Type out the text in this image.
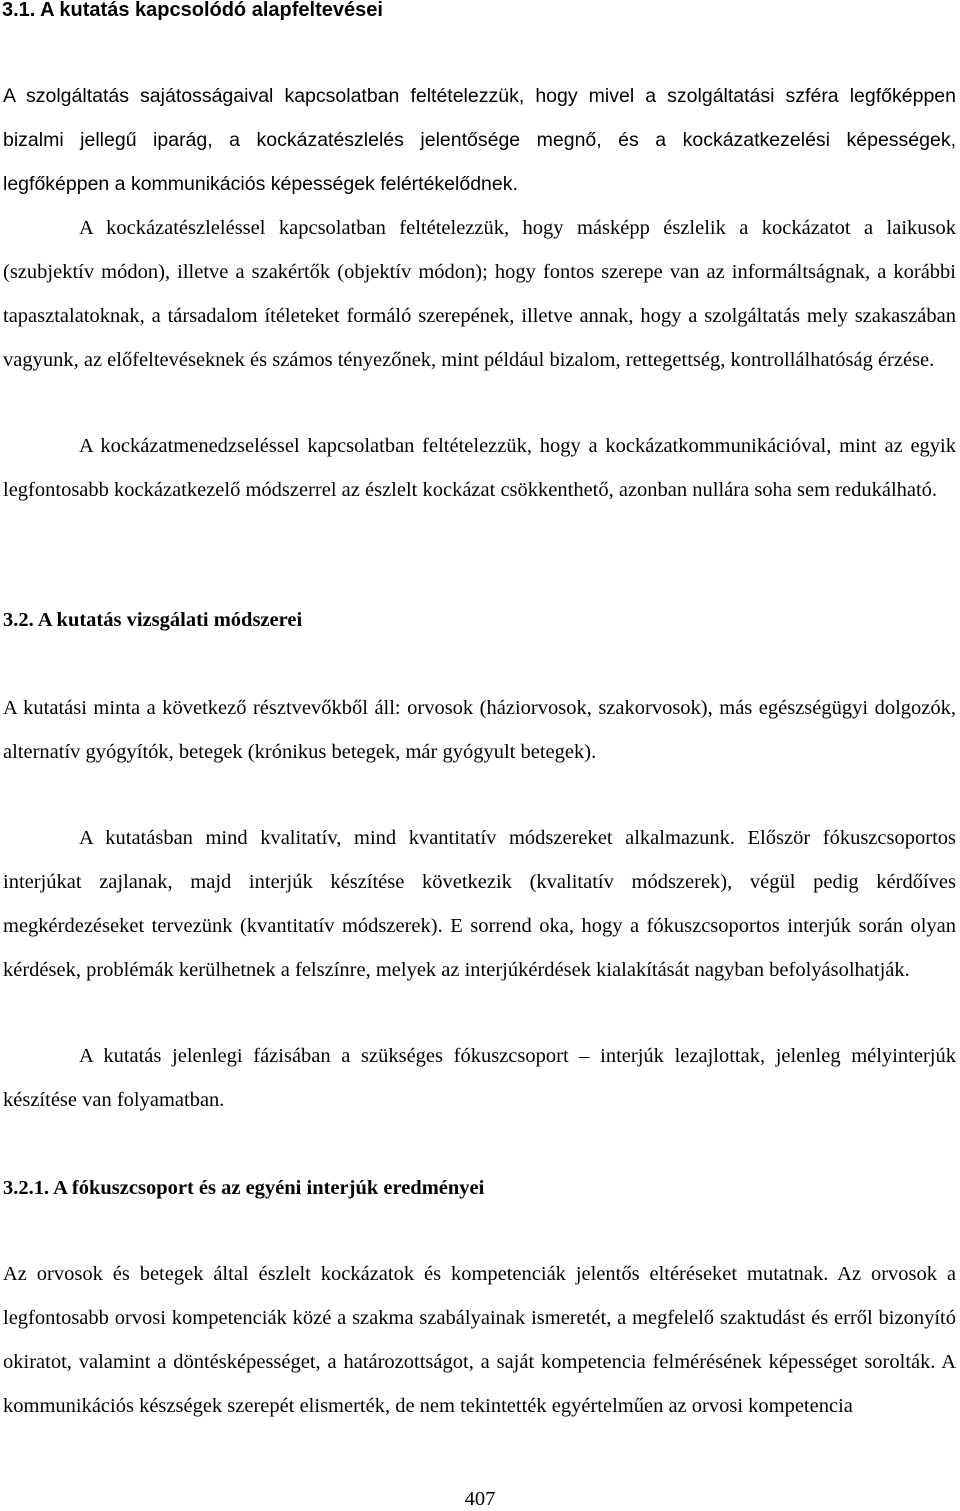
3.1. A kutatás kapcsolódó alapfeltevései

A szolgáltatás sajátosságaival kapcsolatban feltételezzük, hogy mivel a szolgáltatási szféra legfőképpen bizalmi jellegű iparág, a kockázatészlelés jelentősége megnő, és a kockázatkezelési képességek, legfőképpen a kommunikációs képességek felértékelődnek.

A kockázatészleléssel kapcsolatban feltételezzük, hogy másképp észlelik a kockázatot a laikusok (szubjektív módon), illetve a szakértők (objektív módon); hogy fontos szerepe van az informáltságnak, a korábbi tapasztalatoknak, a társadalom ítéleteket formáló szerepének, illetve annak, hogy a szolgáltatás mely szakaszában vagyunk, az előfeltevéseknek és számos tényezőnek, mint például bizalom, rettegettség, kontrollálhatóság érzése.

A kockázatmenedzseléssel kapcsolatban feltételezzük, hogy a kockázatkommunikációval, mint az egyik legfontosabb kockázatkezelő módszerrel az észlelt kockázat csökkenthető, azonban nullára soha sem redukálható.

3.2. A kutatás vizsgálati módszerei

A kutatási minta a következő résztvevőkből áll: orvosok (háziorvosok, szakorvosok), más egészségügyi dolgozók, alternatív gyógyítók, betegek (krónikus betegek, már gyógyult betegek).

A kutatásban mind kvalitatív, mind kvantitatív módszereket alkalmazunk. Először fókuszcsoportos interjúkat zajlanak, majd interjúk készítése következik (kvalitatív módszerek), végül pedig kérdőíves megkérdezéseket tervezünk (kvantitatív módszerek). E sorrend oka, hogy a fókuszcsoportos interjúk során olyan kérdések, problémák kerülhetnek a felszínre, melyek az interjúkérdések kialakítását nagyban befolyásolhatják.

A kutatás jelenlegi fázisában a szükséges fókuszcsoport – interjúk lezajlottak, jelenleg mélyinterjúk készítése van folyamatban.

3.2.1. A fókuszcsoport és az egyéni interjúk eredményei

Az orvosok és betegek által észlelt kockázatok és kompetenciák jelentős eltéréseket mutatnak. Az orvosok a legfontosabb orvosi kompetenciák közé a szakma szabályainak ismeretét, a megfelelő szaktudást és erről bizonyító okiratot, valamint a döntésképességet, a határozottságot, a saját kompetencia felmérésének képességet sorolták. A kommunikációs készségek szerepét elismerték, de nem tekintették egyértelműen az orvosi kompetencia

407
